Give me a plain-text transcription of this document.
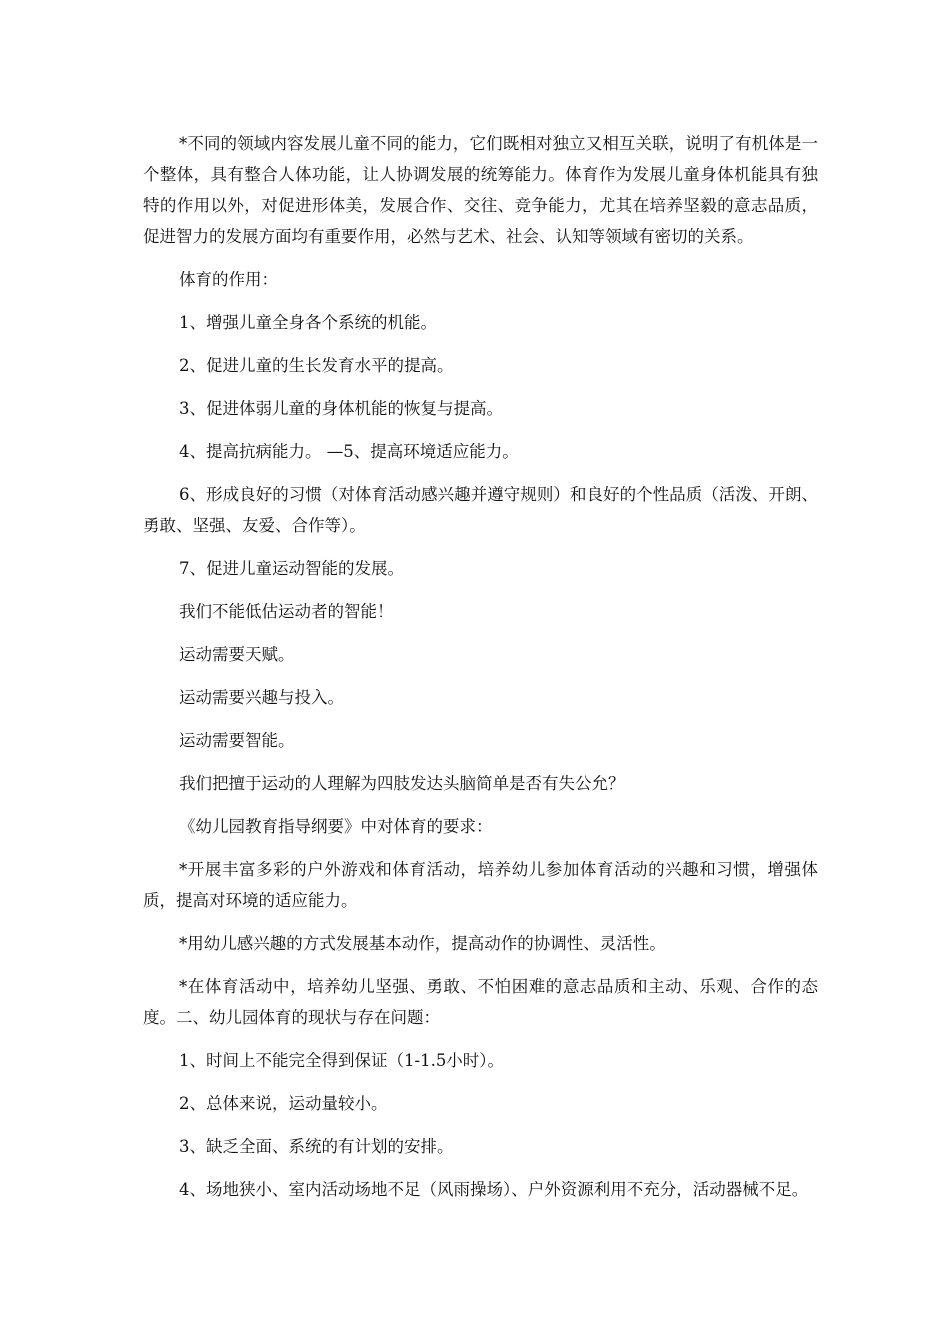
*不同的领域内容发展儿童不同的能力，它们既相对独立又相互关联，说明了有机体是一个整体，具有整合人体功能，让人协调发展的统筹能力。体育作为发展儿童身体机能具有独特的作用以外，对促进形体美，发展合作、交往、竞争能力，尤其在培养坚毅的意志品质，促进智力的发展方面均有重要作用，必然与艺术、社会、认知等领域有密切的关系。

体育的作用：

1、增强儿童全身各个系统的机能。

2、促进儿童的生长发育水平的提高。

3、促进体弱儿童的身体机能的恢复与提高。

4、提高抗病能力。 —5、提高环境适应能力。

6、形成良好的习惯（对体育活动感兴趣并遵守规则）和良好的个性品质（活泼、开朗、勇敢、坚强、友爱、合作等）。

7、促进儿童运动智能的发展。

我们不能低估运动者的智能！

运动需要天赋。

运动需要兴趣与投入。

运动需要智能。

我们把擅于运动的人理解为四肢发达头脑简单是否有失公允？

《幼儿园教育指导纲要》中对体育的要求：

*开展丰富多彩的户外游戏和体育活动，培养幼儿参加体育活动的兴趣和习惯，增强体质，提高对环境的适应能力。

*用幼儿感兴趣的方式发展基本动作，提高动作的协调性、灵活性。

*在体育活动中，培养幼儿坚强、勇敢、不怕困难的意志品质和主动、乐观、合作的态度。二、幼儿园体育的现状与存在问题：

1、时间上不能完全得到保证（1-1.5小时）。

2、总体来说，运动量较小。

3、缺乏全面、系统的有计划的安排。

4、场地狭小、室内活动场地不足（风雨操场）、户外资源利用不充分，活动器械不足。
